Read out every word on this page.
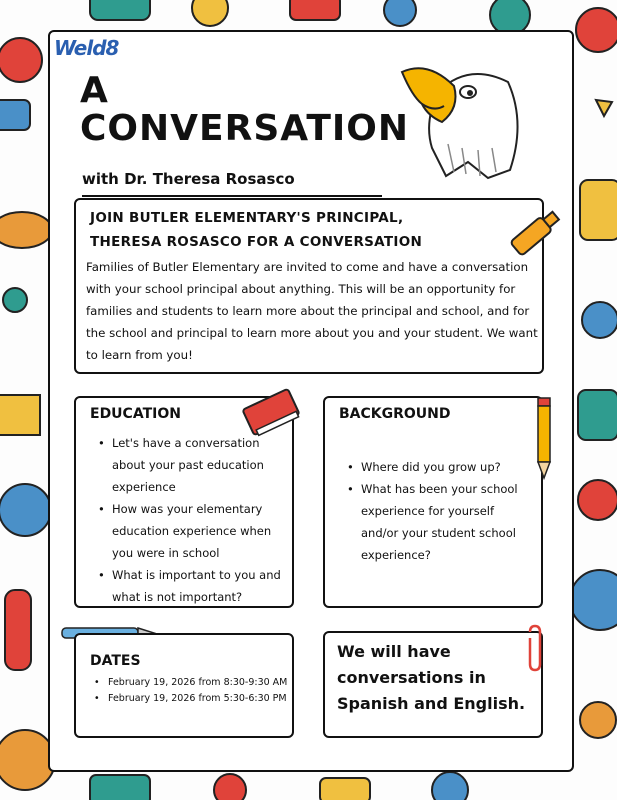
Weld8
A
CONVERSATION

with Dr. Theresa Rosasco

JOIN BUTLER ELEMENTARY'S PRINCIPAL, THERESA ROSASCO FOR A CONVERSATION

Families of Butler Elementary are invited to come and have a conversation with your school principal about anything. This will be an opportunity for families and students to learn more about the principal and school, and for the school and principal to learn more about you and your student. We want to learn from you!

EDUCATION
• Let's have a conversation about your past education experience
• How was your elementary education experience when you were in school
• What is important to you and what is not important?
BACKGROUND
• Where did you grow up?
• What has been your school experience for yourself and/or your student school experience?
DATES
• February 19, 2026 from 8:30-9:30 AM
• February 19, 2026 from 5:30-6:30 PM

We will have conversations in Spanish and English.
